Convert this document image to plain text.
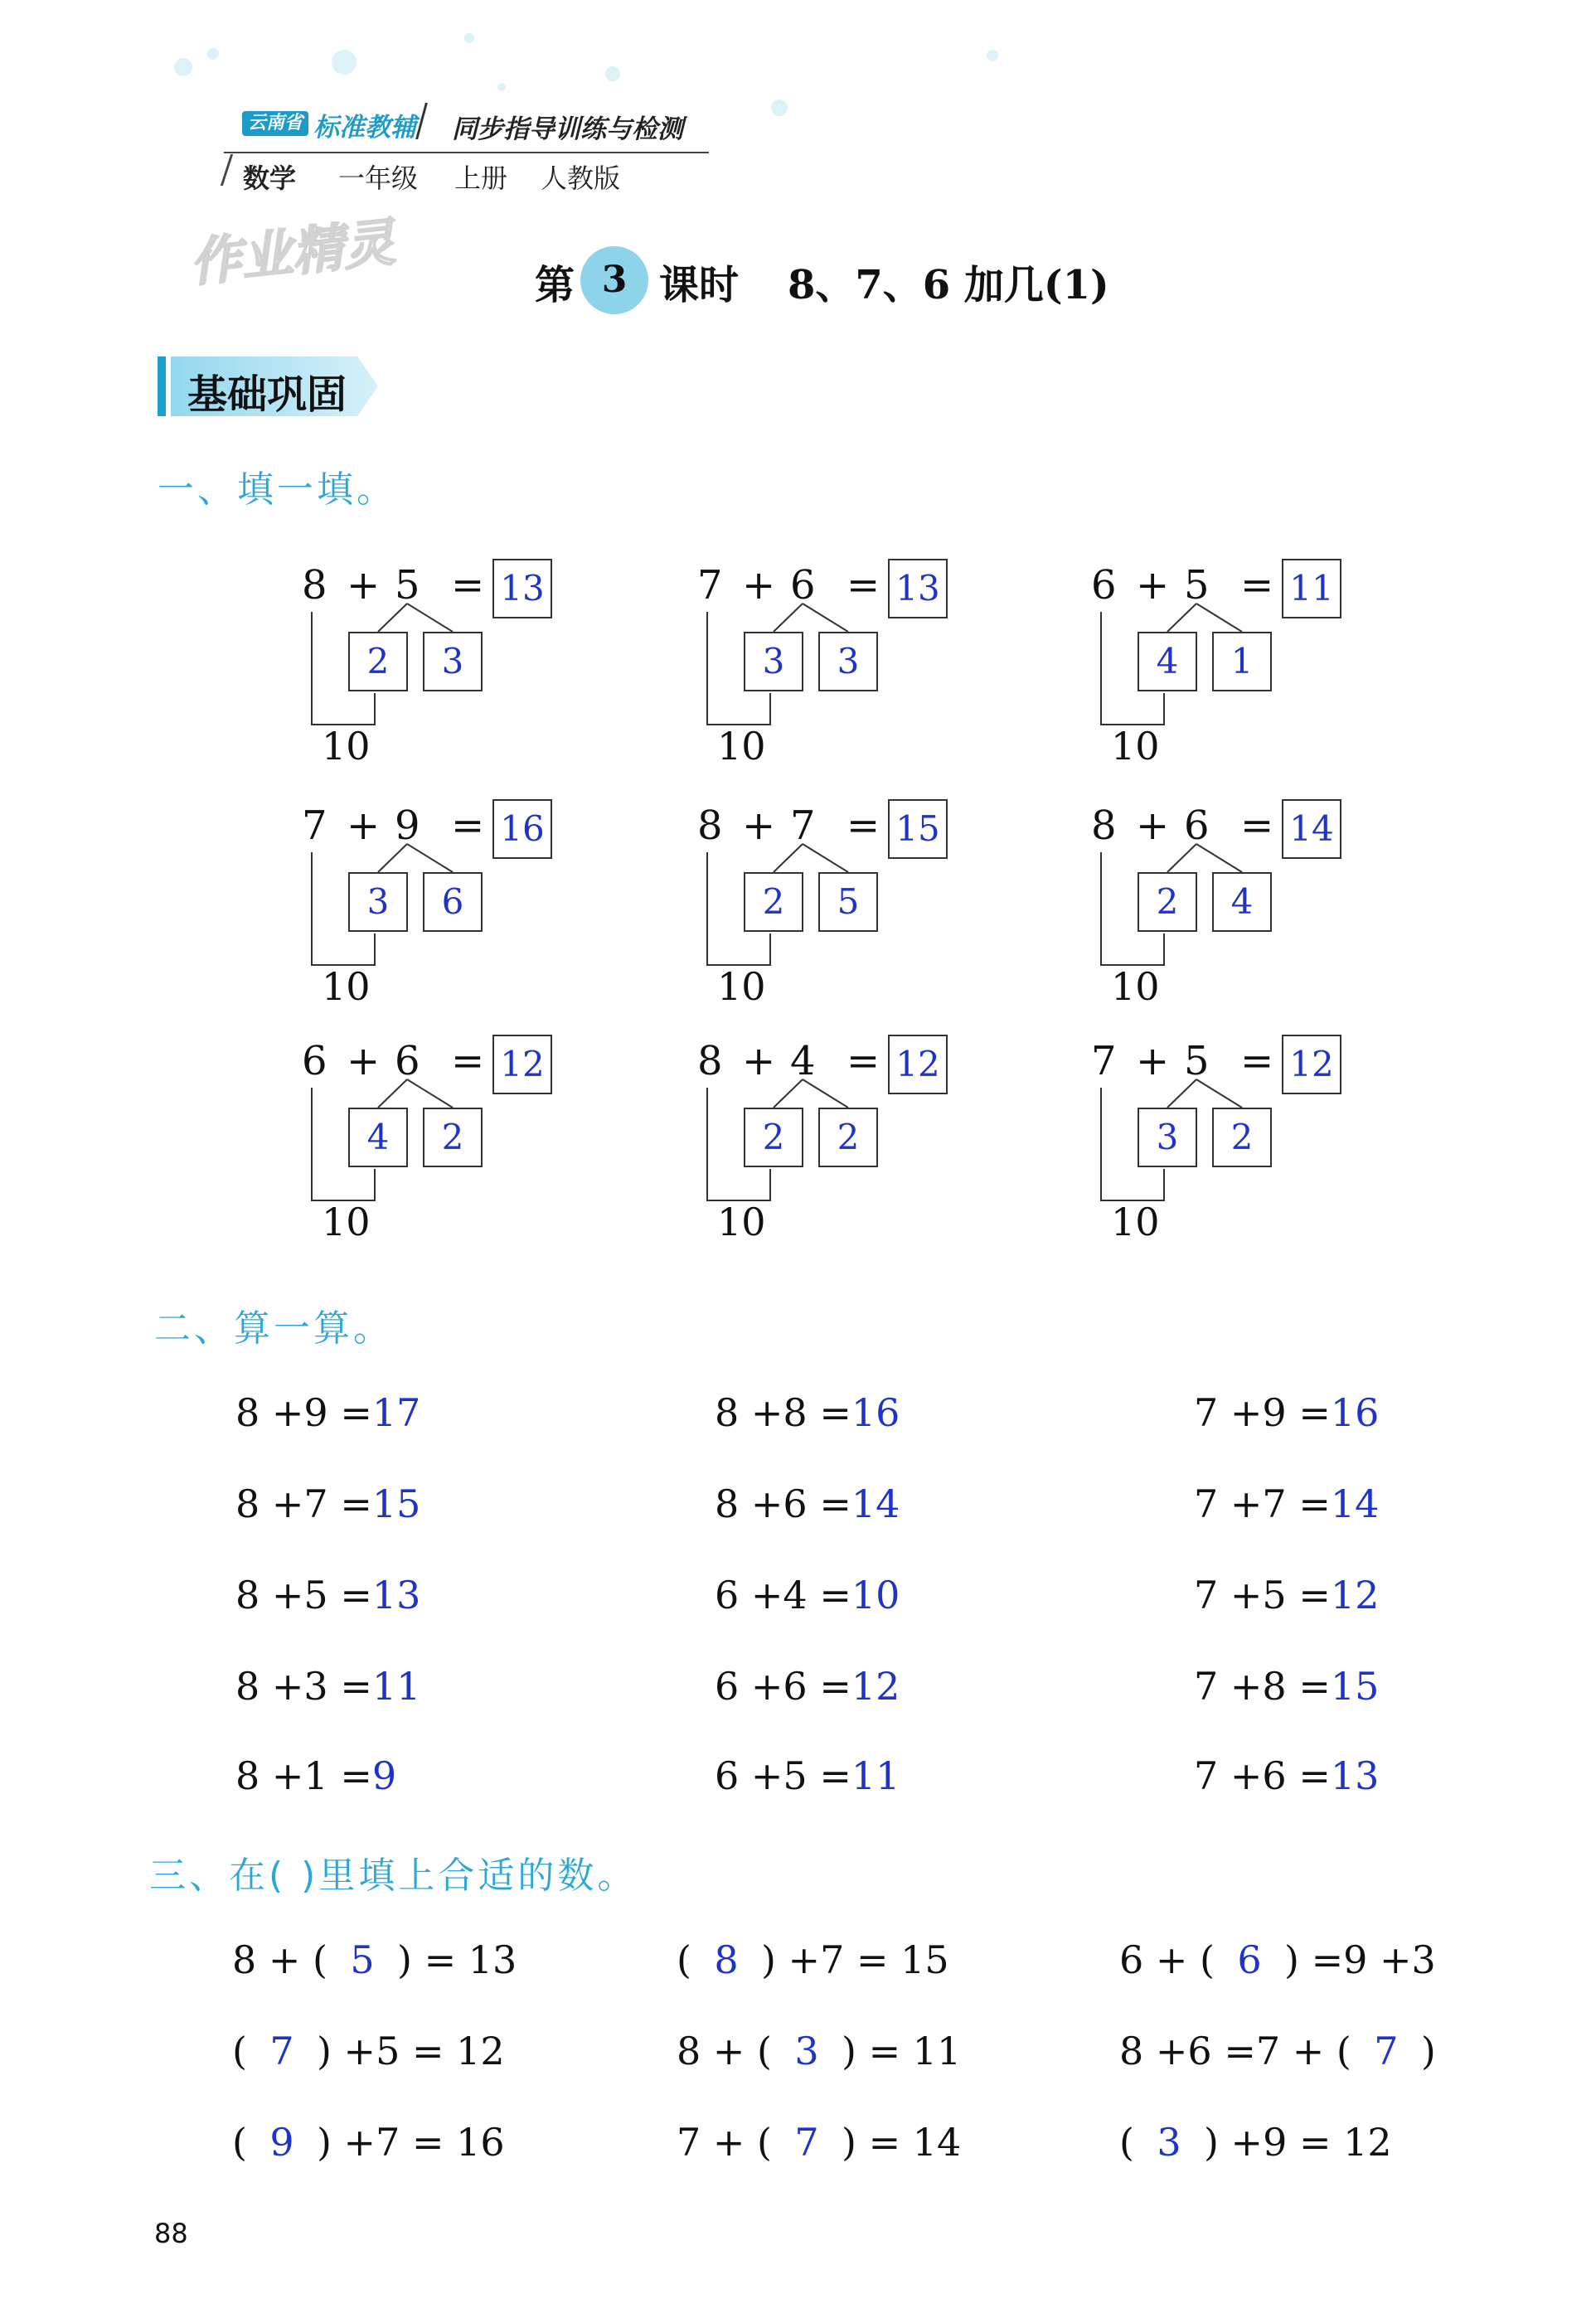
云南省 标准教辅 同步指导训练与检测
数学 一年级 上册 人教版
作业精灵	第 3 课时 8、7、6 加几(1)
基础巩固
一、填一填。
8 + 5 = 13
2	3
10
7 + 6 = 13
3	3
10
6 + 5 = 11
4	1
10
7 + 9 = 16
3	6
10
8 + 7 = 15
2	5
10
8 + 6 = 14
2	4
10
6 + 6 = 12
4	2
10
8 + 4 = 12
2	2
10
7 + 5 = 12
3	2
10
二、算一算。
8 +9 =17	8 +8 =16	7 +9 =16
8 +7 =15	8 +6 =14	7 +7 =14
8 +5 =13	6 +4 =10	7 +5 =12
8 +3 =11	6 +6 =12	7 +8 =15
8 +1 =9	6 +5 =11	7 +6 =13
三、在( )里填上合适的数。
8 + ( 5 ) = 13	( 8 ) +7 = 15	6 + ( 6 ) =9 +3
( 7 ) +5 = 12	8 + ( 3 ) = 11	8 +6 =7 + ( 7 )
( 9 ) +7 = 16	7 + ( 7 ) = 14	( 3 ) +9 = 12
88
